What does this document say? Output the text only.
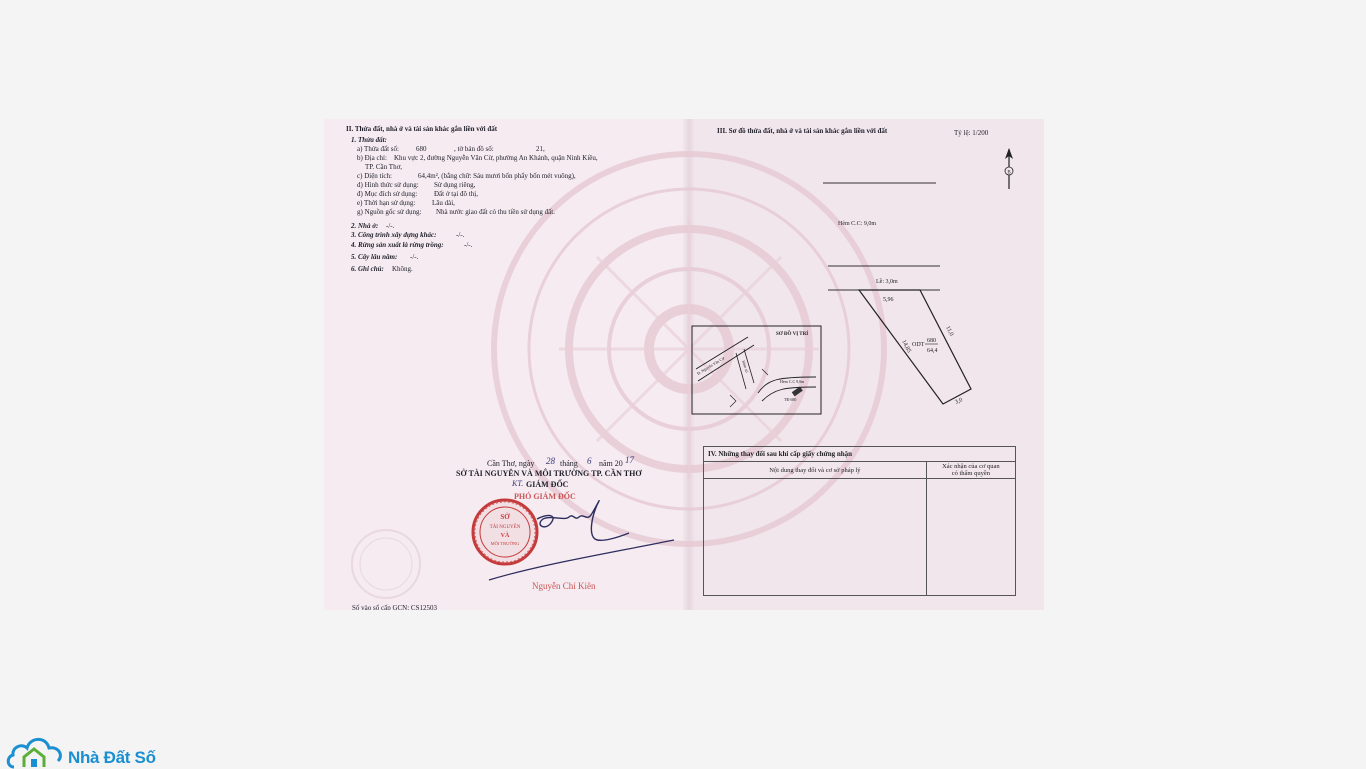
II. Thửa đất, nhà ở và tài sản khác gắn liền với đất
1. Thửa đất:
a) Thửa đất số: 680	, tờ bản đồ số:	21,
b) Địa chỉ: Khu vực 2, đường Nguyễn Văn Cừ, phường An Khánh, quận Ninh Kiều,
TP. Cần Thơ,
c) Diện tích:	64,4m², (bằng chữ: Sáu mươi bốn phẩy bốn mét vuông),
d) Hình thức sử dụng: Sử dụng riêng,
đ) Mục đích sử dụng: Đất ở tại đô thị,
e) Thời hạn sử dụng: Lâu dài,
g) Nguồn gốc sử dụng: Nhà nước giao đất có thu tiền sử dụng đất.
2. Nhà ở: -/-.
3. Công trình xây dựng khác:	-/-.
4. Rừng sản xuất là rừng trồng:	-/-.
5. Cây lâu năm: -/-.
6. Ghi chú: Không.
Cần Thơ, ngày 28 tháng 6 năm 20 17
SỞ TÀI NGUYÊN VÀ MÔI TRƯỜNG TP. CẦN THƠ
KT. GIÁM ĐỐC
PHÓ GIÁM ĐỐC
SỞ
TÀI NGUYÊN
VÀ
MÔI TRƯỜNG
Nguyễn Chí Kiên
Số vào sổ cấp GCN: CS12503
III. Sơ đồ thửa đất, nhà ở và tài sản khác gắn liền với đất	Tỷ lệ: 1/200
B
Hẻm C.C: 9,0m
Lề: 3,0m
5,96
14,85
11,0
3,0
ODT
680
64,4
SƠ ĐỒ VỊ TRÍ
Đ. Nguyễn Văn Cừ	Hẻm số
Hẻm C.C 9,0m
TĐ 680
IV. Những thay đổi sau khi cấp giấy chứng nhận	
Nội dung thay đổi và cơ sở pháp lý	Xác nhận của cơ quan
có thẩm quyền

Nhà Đất Số
